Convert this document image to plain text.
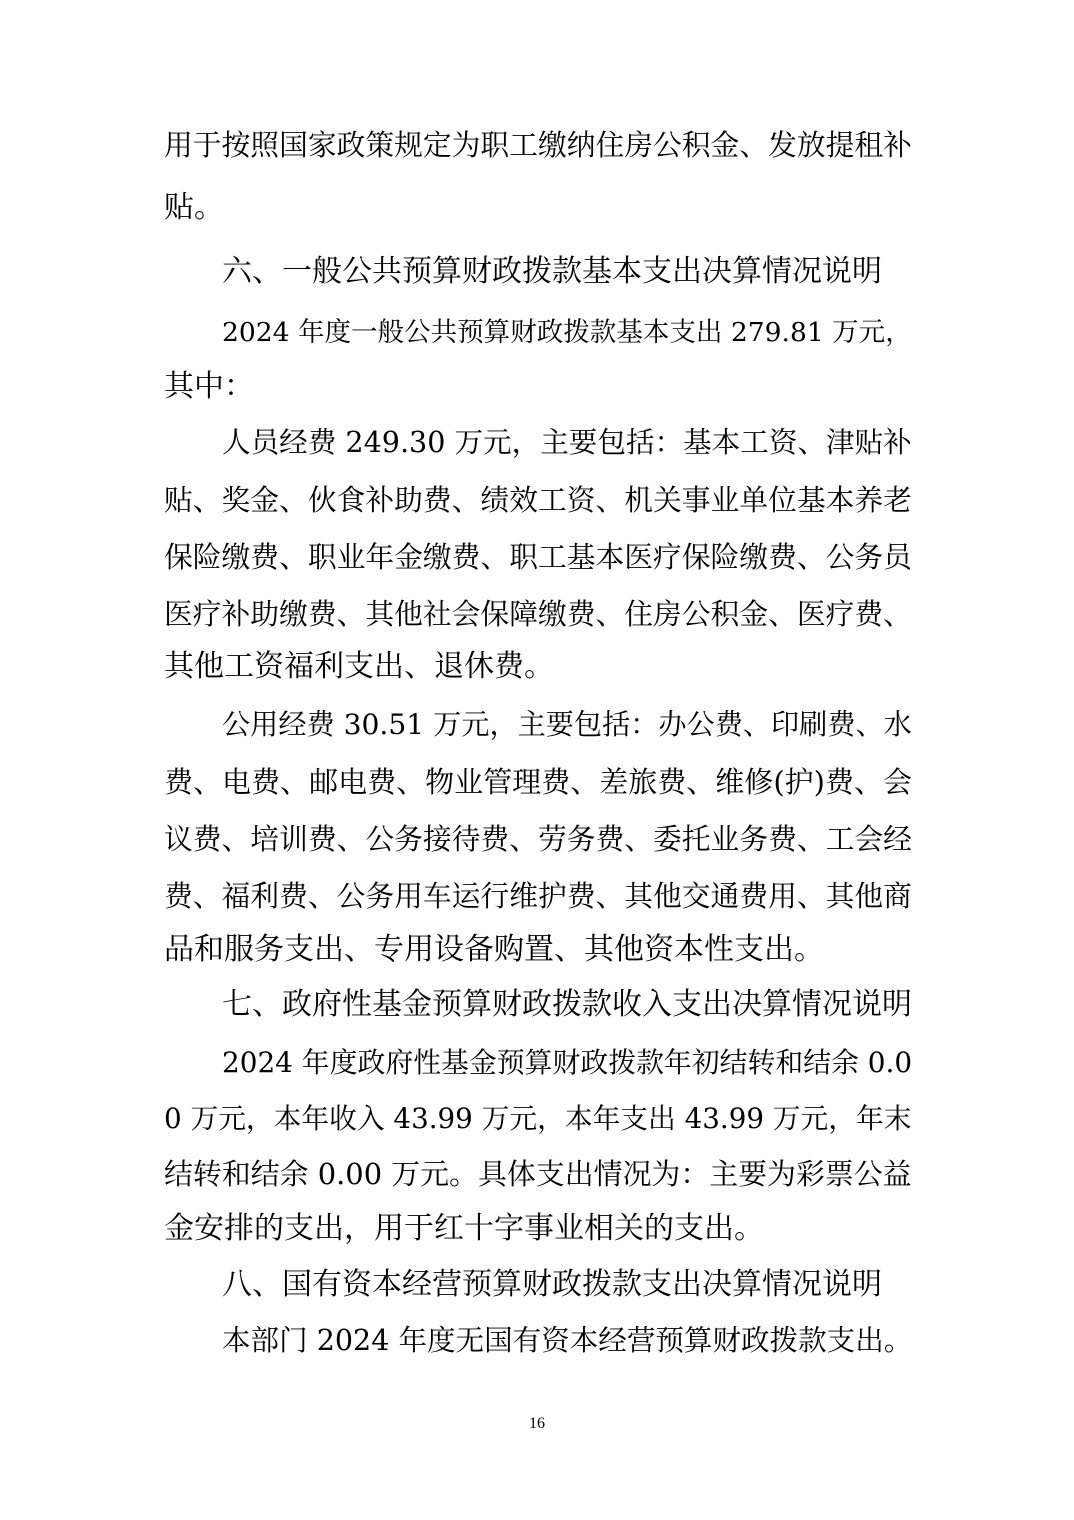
用于按照国家政策规定为职工缴纳住房公积金、发放提租补
贴。
六、一般公共预算财政拨款基本支出决算情况说明
2024 年度一般公共预算财政拨款基本支出 279.81 万元，
其中：
人员经费 249.30 万元，主要包括：基本工资、津贴补
贴、奖金、伙食补助费、绩效工资、机关事业单位基本养老
保险缴费、职业年金缴费、职工基本医疗保险缴费、公务员
医疗补助缴费、其他社会保障缴费、住房公积金、医疗费、
其他工资福利支出、退休费。
公用经费 30.51 万元，主要包括：办公费、印刷费、水
费、电费、邮电费、物业管理费、差旅费、维修(护)费、会
议费、培训费、公务接待费、劳务费、委托业务费、工会经
费、福利费、公务用车运行维护费、其他交通费用、其他商
品和服务支出、专用设备购置、其他资本性支出。
七、政府性基金预算财政拨款收入支出决算情况说明
2024 年度政府性基金预算财政拨款年初结转和结余 0.0
0 万元，本年收入 43.99 万元，本年支出 43.99 万元，年末
结转和结余 0.00 万元。具体支出情况为：主要为彩票公益
金安排的支出，用于红十字事业相关的支出。
八、国有资本经营预算财政拨款支出决算情况说明
本部门 2024 年度无国有资本经营预算财政拨款支出。
16
